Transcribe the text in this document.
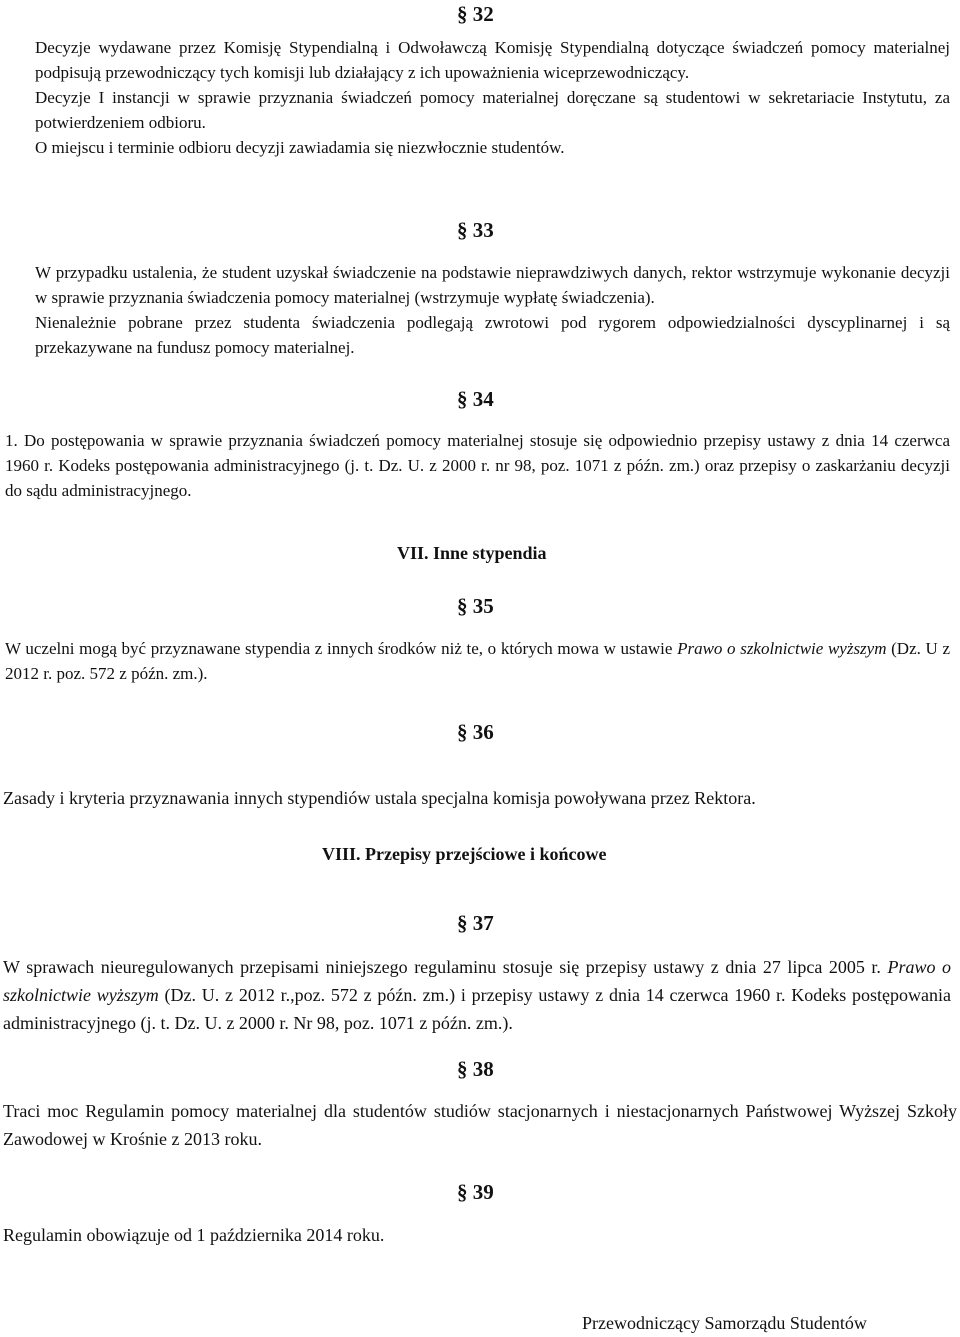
§ 32
Decyzje wydawane przez Komisję Stypendialną i Odwoławczą Komisję Stypendialną dotyczące świadczeń pomocy materialnej podpisują przewodniczący tych komisji lub działający z ich upoważnienia wiceprzewodniczący.
Decyzje I instancji w sprawie przyznania świadczeń pomocy materialnej doręczane są studentowi w sekretariacie Instytutu, za potwierdzeniem odbioru.
O miejscu i terminie odbioru decyzji zawiadamia się niezwłocznie studentów.
§ 33
W przypadku ustalenia, że student uzyskał świadczenie na podstawie nieprawdziwych danych, rektor wstrzymuje wykonanie decyzji w sprawie przyznania świadczenia pomocy materialnej (wstrzymuje wypłatę świadczenia).
Nienależnie pobrane przez studenta świadczenia podlegają zwrotowi pod rygorem odpowiedzialności dyscyplinarnej i są przekazywane na fundusz pomocy materialnej.
§ 34
1. Do postępowania w sprawie przyznania świadczeń pomocy materialnej stosuje się odpowiednio przepisy ustawy z dnia 14 czerwca 1960 r. Kodeks postępowania administracyjnego (j. t. Dz. U. z 2000 r. nr 98, poz. 1071 z późn. zm.) oraz przepisy o zaskarżaniu decyzji do sądu administracyjnego.
VII. Inne stypendia
§ 35
W uczelni mogą być przyznawane stypendia z innych środków niż te, o których mowa w ustawie Prawo o szkolnictwie wyższym (Dz. U z 2012 r. poz. 572 z późn. zm.).
§ 36
Zasady i kryteria przyznawania innych stypendiów ustala specjalna komisja powoływana przez Rektora.
VIII. Przepisy przejściowe i końcowe
§ 37
W sprawach nieuregulowanych przepisami niniejszego regulaminu stosuje się przepisy ustawy z dnia 27 lipca 2005 r. Prawo o szkolnictwie wyższym (Dz. U. z 2012 r.,poz. 572 z późn. zm.) i przepisy ustawy z dnia 14 czerwca 1960 r. Kodeks postępowania administracyjnego (j. t. Dz. U. z 2000 r. Nr 98, poz. 1071 z późn. zm.).
§ 38
Traci moc Regulamin pomocy materialnej dla studentów studiów stacjonarnych i niestacjonarnych Państwowej Wyższej Szkoły Zawodowej w Krośnie z 2013 roku.
§ 39
Regulamin obowiązuje od 1 października 2014 roku.
Przewodniczący Samorządu Studentów
